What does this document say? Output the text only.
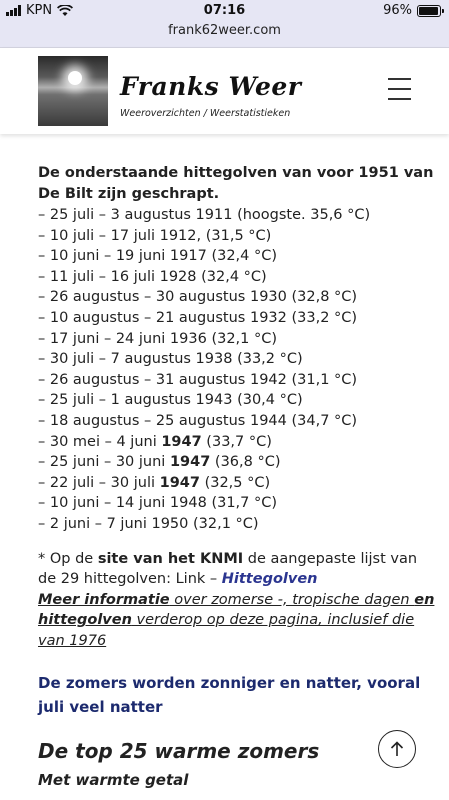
KPN	07:16	96%
frank62weer.com
Franks Weer
Weeroverzichten / Weerstatistieken

De onderstaande hittegolven van voor 1951 van De Bilt zijn geschrapt.

– 25 juli – 3 augustus 1911 (hoogste. 35,6 °C)
– 10 juli – 17 juli 1912, (31,5 °C)
– 10 juni – 19 juni 1917 (32,4 °C)
– 11 juli – 16 juli 1928 (32,4 °C)
– 26 augustus – 30 augustus 1930 (32,8 °C)
– 10 augustus – 21 augustus 1932 (33,2 °C)
– 17 juni – 24 juni 1936 (32,1 °C)
– 30 juli – 7 augustus 1938 (33,2 °C)
– 26 augustus – 31 augustus 1942 (31,1 °C)
– 25 juli – 1 augustus 1943 (30,4 °C)
– 18 augustus – 25 augustus 1944 (34,7 °C)
– 30 mei – 4 juni 1947 (33,7 °C)
– 25 juni – 30 juni 1947 (36,8 °C)
– 22 juli – 30 juli 1947 (32,5 °C)
– 10 juni – 14 juni 1948 (31,7 °C)
– 2 juni – 7 juni 1950 (32,1 °C)

* Op de site van het KNMI de aangepaste lijst van de 29 hittegolven: Link – Hittegolven
Meer informatie over zomerse -, tropische dagen en hittegolven verderop op deze pagina, inclusief die van 1976

De zomers worden zonniger en natter, vooral juli veel natter

De top 25 warme zomers
Met warmte getal
